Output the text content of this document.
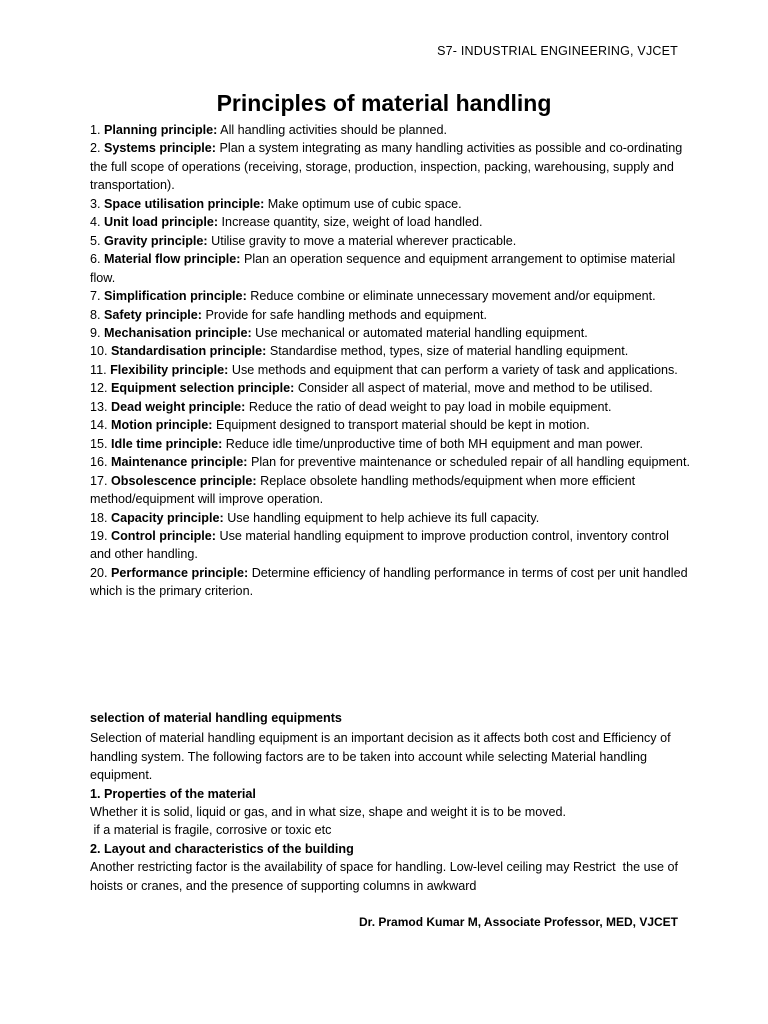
S7- INDUSTRIAL ENGINEERING, VJCET
Principles of material handling

1. Planning principle: All handling activities should be planned.

2. Systems principle: Plan a system integrating as many handling activities as possible and co-ordinating the full scope of operations (receiving, storage, production, inspection, packing, warehousing, supply and transportation).

3. Space utilisation principle: Make optimum use of cubic space.

4. Unit load principle: Increase quantity, size, weight of load handled.

5. Gravity principle: Utilise gravity to move a material wherever practicable.

6. Material flow principle: Plan an operation sequence and equipment arrangement to optimise material flow.

7. Simplification principle: Reduce combine or eliminate unnecessary movement and/or equipment.

8. Safety principle: Provide for safe handling methods and equipment.

9. Mechanisation principle: Use mechanical or automated material handling equipment.

10. Standardisation principle: Standardise method, types, size of material handling equipment.

11. Flexibility principle: Use methods and equipment that can perform a variety of task and applications.

12. Equipment selection principle: Consider all aspect of material, move and method to be utilised.

13. Dead weight principle: Reduce the ratio of dead weight to pay load in mobile equipment.

14. Motion principle: Equipment designed to transport material should be kept in motion.

15. Idle time principle: Reduce idle time/unproductive time of both MH equipment and man power.

16. Maintenance principle: Plan for preventive maintenance or scheduled repair of all handling equipment.

17. Obsolescence principle: Replace obsolete handling methods/equipment when more efficient method/equipment will improve operation.

18. Capacity principle: Use handling equipment to help achieve its full capacity.

19. Control principle: Use material handling equipment to improve production control, inventory control and other handling.

20. Performance principle: Determine efficiency of handling performance in terms of cost per unit handled which is the primary criterion.

selection of material handling equipments

Selection of material handling equipment is an important decision as it affects both cost and Efficiency of handling system. The following factors are to be taken into account while selecting Material handling equipment.

1. Properties of the material

Whether it is solid, liquid or gas, and in what size, shape and weight it is to be moved.

if a material is fragile, corrosive or toxic etc

2. Layout and characteristics of the building

Another restricting factor is the availability of space for handling. Low-level ceiling may Restrict  the use of hoists or cranes, and the presence of supporting columns in awkward

Dr. Pramod Kumar M, Associate Professor, MED, VJCET
